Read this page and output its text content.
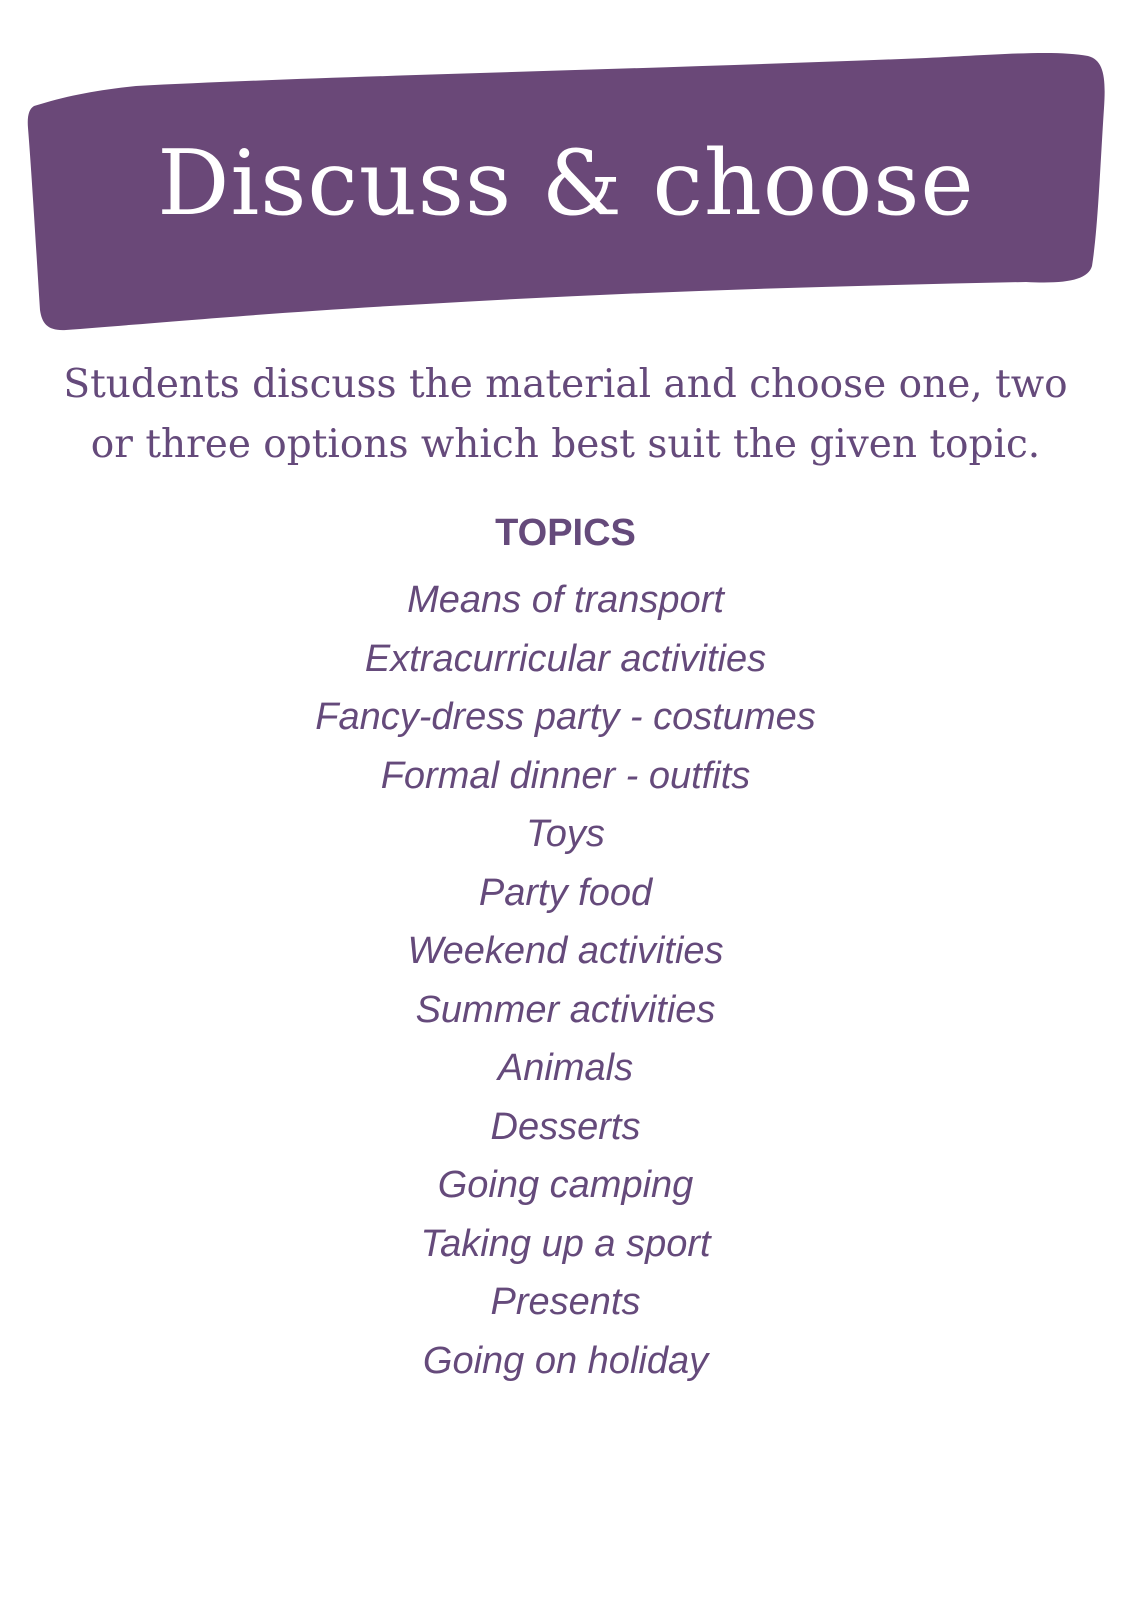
Discuss & choose

Students discuss the material and choose one, two or three options which best suit the given topic.

TOPICS
Means of transport
Extracurricular activities
Fancy-dress party - costumes
Formal dinner - outfits
Toys
Party food
Weekend activities
Summer activities
Animals
Desserts
Going camping
Taking up a sport
Presents
Going on holiday
